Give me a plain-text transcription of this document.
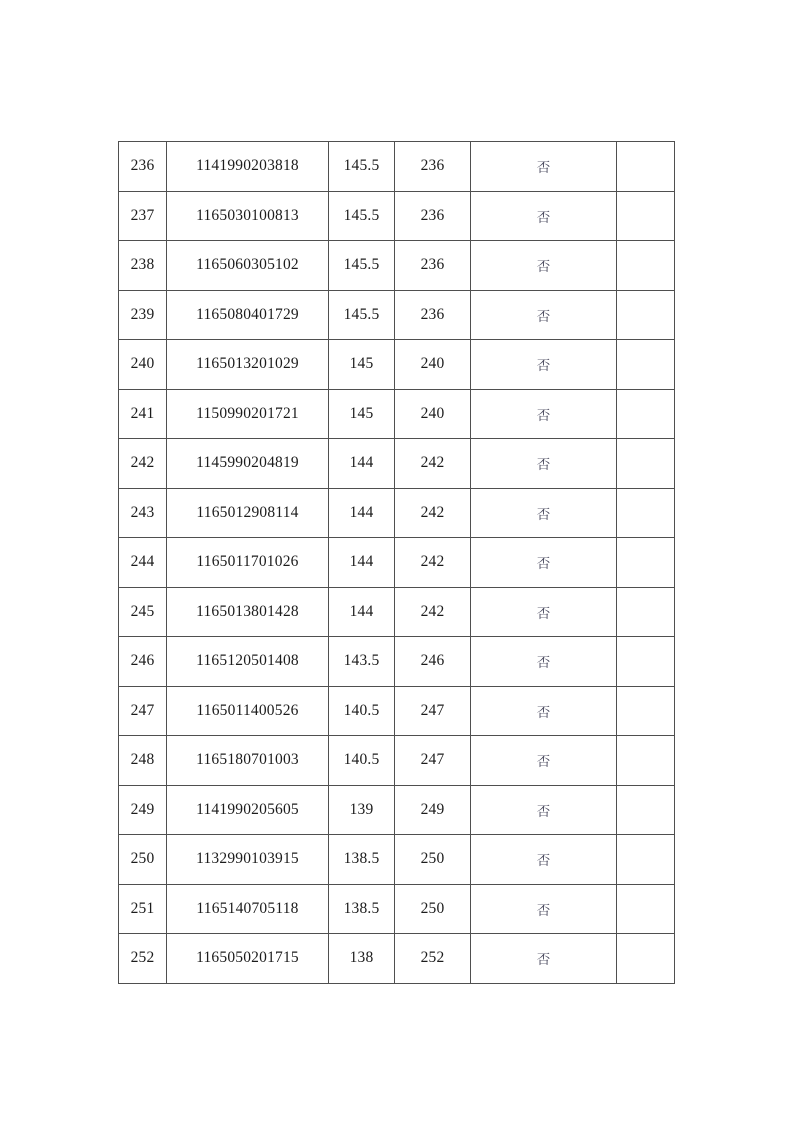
236	1141990203818	145.5	236	否	
237	1165030100813	145.5	236	否	
238	1165060305102	145.5	236	否	
239	1165080401729	145.5	236	否	
240	1165013201029	145	240	否	
241	1150990201721	145	240	否	
242	1145990204819	144	242	否	
243	1165012908114	144	242	否	
244	1165011701026	144	242	否	
245	1165013801428	144	242	否	
246	1165120501408	143.5	246	否	
247	1165011400526	140.5	247	否	
248	1165180701003	140.5	247	否	
249	1141990205605	139	249	否	
250	1132990103915	138.5	250	否	
251	1165140705118	138.5	250	否	
252	1165050201715	138	252	否	
